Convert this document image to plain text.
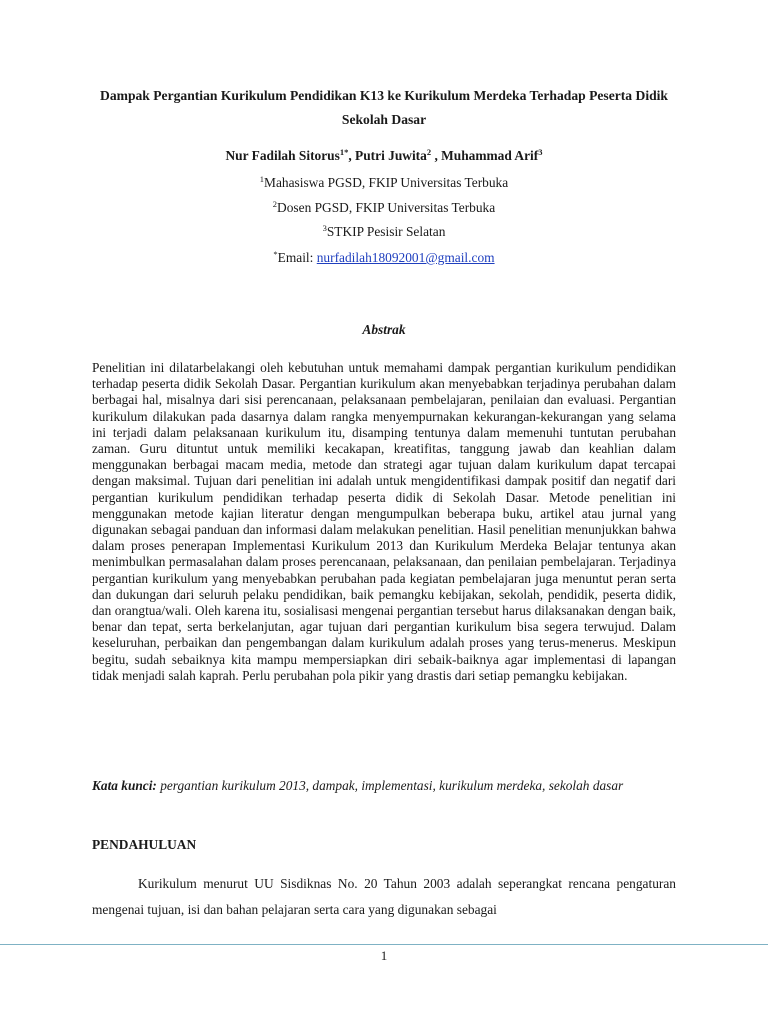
Dampak Pergantian Kurikulum Pendidikan K13 ke Kurikulum Merdeka Terhadap Peserta Didik Sekolah Dasar
Nur Fadilah Sitorus$^{1*}$, Putri Juwita$^2$ , Muhammad Arif$^3$
$^1$Mahasiswa PGSD, FKIP Universitas Terbuka
$^2$Dosen PGSD, FKIP Universitas Terbuka
$^3$STKIP Pesisir Selatan
*Email: nurfadilah18092001@gmail.com
Abstrak

Penelitian ini dilatarbelakangi oleh kebutuhan untuk memahami dampak pergantian kurikulum pendidikan terhadap peserta didik Sekolah Dasar. Pergantian kurikulum akan menyebabkan terjadinya perubahan dalam berbagai hal, misalnya dari sisi perencanaan, pelaksanaan pembelajaran, penilaian dan evaluasi. Pergantian kurikulum dilakukan pada dasarnya dalam rangka menyempurnakan kekurangan-kekurangan yang selama ini terjadi dalam pelaksanaan kurikulum itu, disamping tentunya dalam memenuhi tuntutan perubahan zaman. Guru dituntut untuk memiliki kecakapan, kreatifitas, tanggung jawab dan keahlian dalam menggunakan berbagai macam media, metode dan strategi agar tujuan dalam kurikulum dapat tercapai dengan maksimal. Tujuan dari penelitian ini adalah untuk mengidentifikasi dampak positif dan negatif dari pergantian kurikulum pendidikan terhadap peserta didik di Sekolah Dasar. Metode penelitian ini menggunakan metode kajian literatur dengan mengumpulkan beberapa buku, artikel atau jurnal yang digunakan sebagai panduan dan informasi dalam melakukan penelitian. Hasil penelitian menunjukkan bahwa dalam proses penerapan Implementasi Kurikulum 2013 dan Kurikulum Merdeka Belajar tentunya akan menimbulkan permasalahan dalam proses perencanaan, pelaksanaan, dan penilaian pembelajaran. Terjadinya pergantian kurikulum yang menyebabkan perubahan pada kegiatan pembelajaran juga menuntut peran serta dan dukungan dari seluruh pelaku pendidikan, baik pemangku kebijakan, sekolah, pendidik, peserta didik, dan orangtua/wali. Oleh karena itu, sosialisasi mengenai pergantian tersebut harus dilaksanakan dengan baik, benar dan tepat, serta berkelanjutan, agar tujuan dari pergantian kurikulum bisa segera terwujud. Dalam keseluruhan, perbaikan dan pengembangan dalam kurikulum adalah proses yang terus-menerus. Meskipun begitu, sudah sebaiknya kita mampu mempersiapkan diri sebaik-baiknya agar implementasi di lapangan tidak menjadi salah kaprah. Perlu perubahan pola pikir yang drastis dari setiap pemangku kebijakan.

Kata kunci: pergantian kurikulum 2013, dampak, implementasi, kurikulum merdeka, sekolah dasar

PENDAHULUAN

Kurikulum menurut UU Sisdiknas No. 20 Tahun 2003 adalah seperangkat rencana pengaturan mengenai tujuan, isi dan bahan pelajaran serta cara yang digunakan sebagai

1
